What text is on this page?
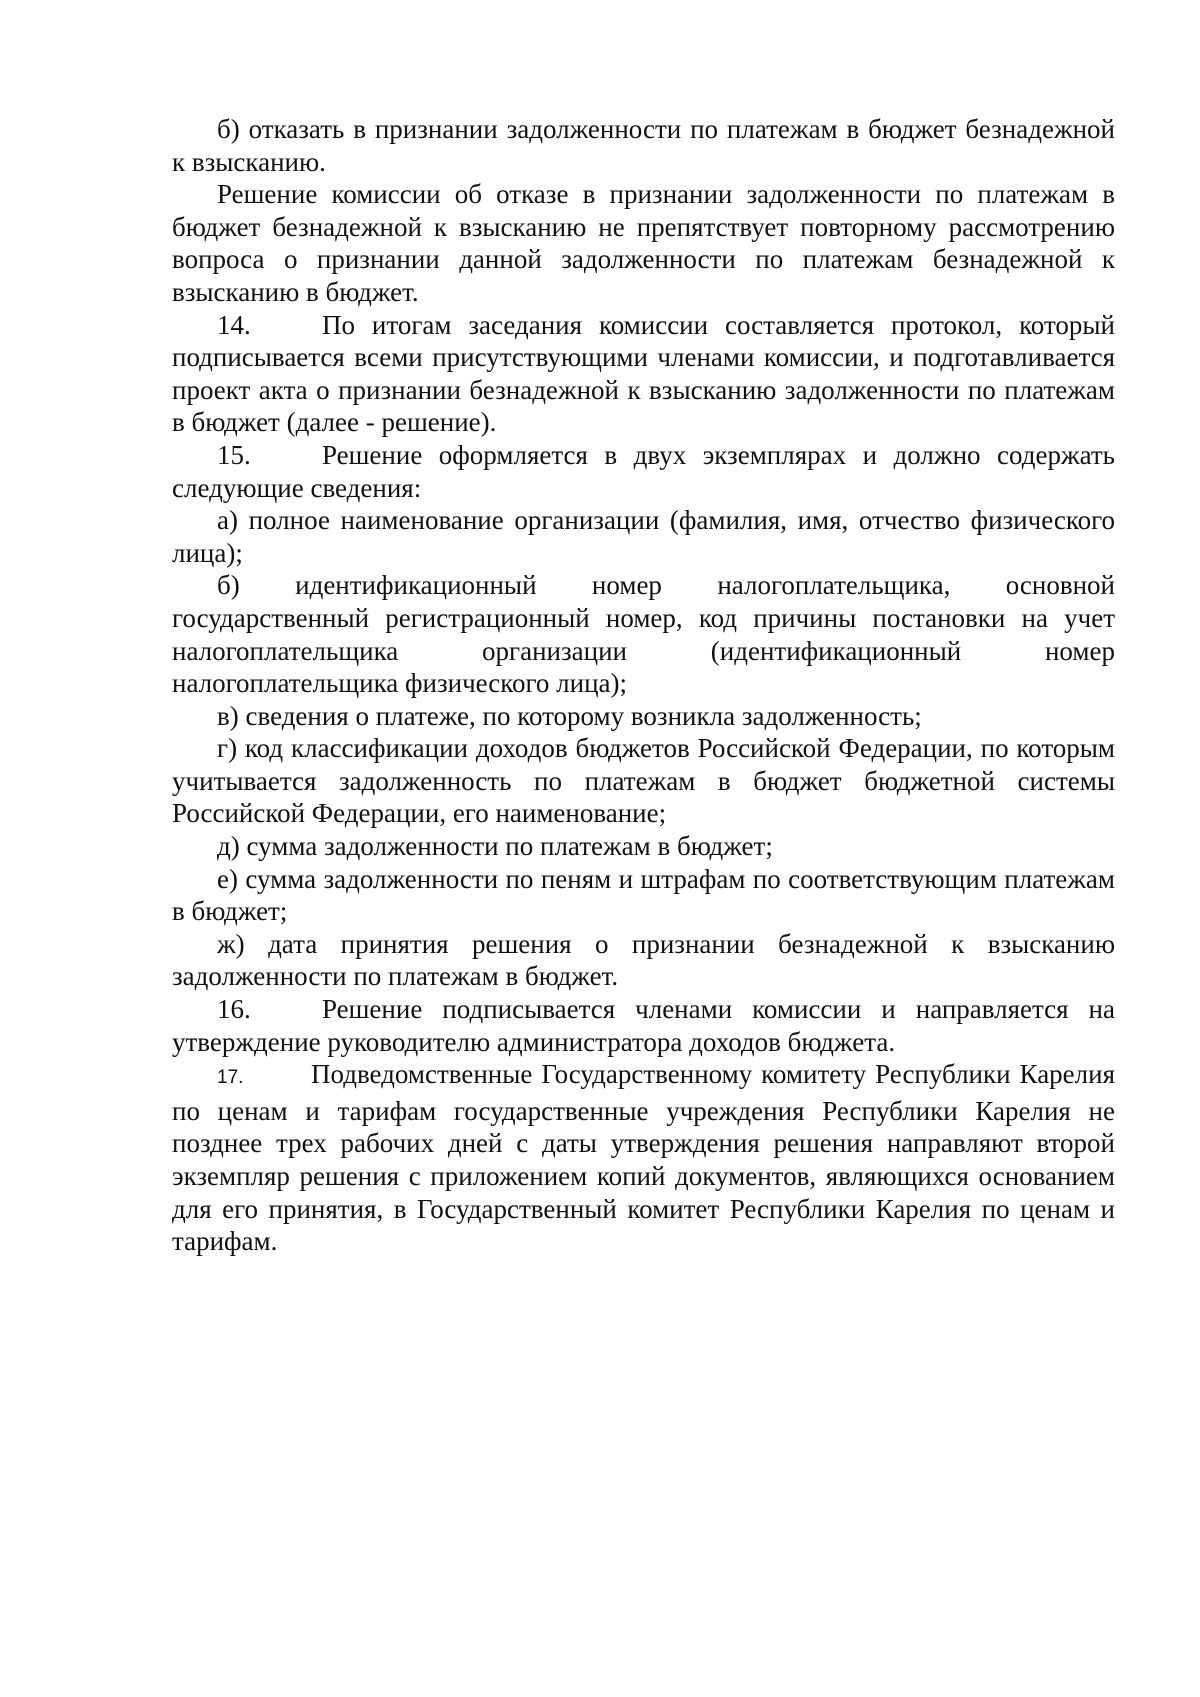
б) отказать в признании задолженности по платежам в бюджет безнадежной к взысканию.

Решение комиссии об отказе в признании задолженности по платежам в бюджет безнадежной к взысканию не препятствует повторному рассмотрению вопроса о признании данной задолженности по платежам безнадежной к взысканию в бюджет.

14.	По итогам заседания комиссии составляется протокол, который подписывается всеми присутствующими членами комиссии, и подготавливается проект акта о признании безнадежной к взысканию задолженности по платежам в бюджет (далее - решение).

15.	Решение оформляется в двух экземплярах и должно содержать следующие сведения:

а) полное наименование организации (фамилия, имя, отчество физического лица);

б) идентификационный номер налогоплательщика, основной государственный регистрационный номер, код причины постановки на учет налогоплательщика организации (идентификационный номер налогоплательщика физического лица);

в) сведения о платеже, по которому возникла задолженность;

г) код классификации доходов бюджетов Российской Федерации, по которым учитывается задолженность по платежам в бюджет бюджетной системы Российской Федерации, его наименование;

д) сумма задолженности по платежам в бюджет;

е) сумма задолженности по пеням и штрафам по соответствующим платежам в бюджет;

ж) дата принятия решения о признании безнадежной к взысканию задолженности по платежам в бюджет.

16.	Решение подписывается членами комиссии и направляется на утверждение руководителю администратора доходов бюджета.

17.	Подведомственные Государственному комитету Республики Карелия по ценам и тарифам государственные учреждения Республики Карелия не позднее трех рабочих дней с даты утверждения решения направляют второй экземпляр решения с приложением копий документов, являющихся основанием для его принятия, в Государственный комитет Республики Карелия по ценам и тарифам.
